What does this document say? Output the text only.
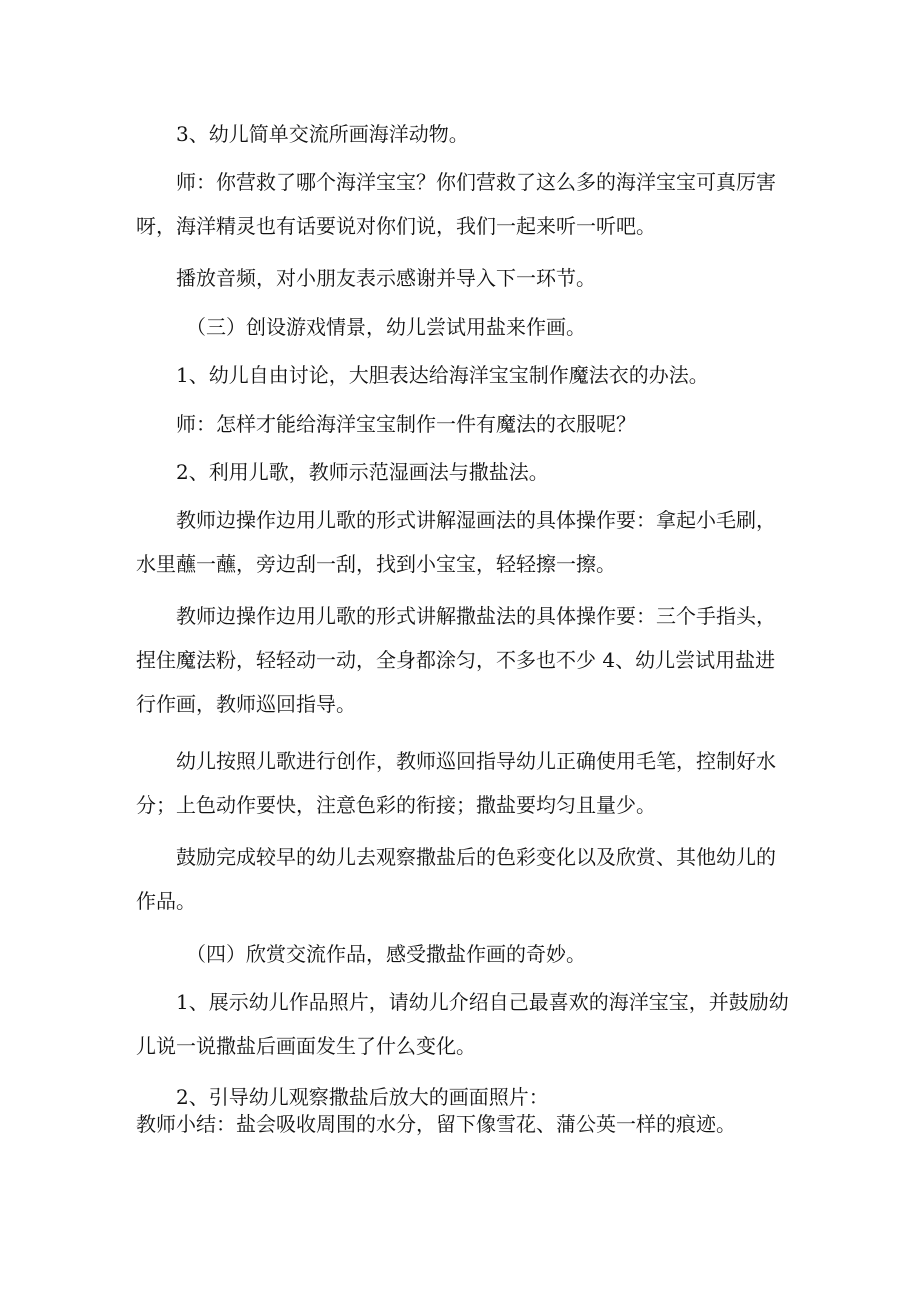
3、幼儿简单交流所画海洋动物。

师：你营救了哪个海洋宝宝？你们营救了这么多的海洋宝宝可真厉害呀，海洋精灵也有话要说对你们说，我们一起来听一听吧。

播放音频，对小朋友表示感谢并导入下一环节。

（三）创设游戏情景，幼儿尝试用盐来作画。

1、幼儿自由讨论，大胆表达给海洋宝宝制作魔法衣的办法。

师：怎样才能给海洋宝宝制作一件有魔法的衣服呢？

2、利用儿歌，教师示范湿画法与撒盐法。

教师边操作边用儿歌的形式讲解湿画法的具体操作要：拿起小毛刷，水里蘸一蘸，旁边刮一刮，找到小宝宝，轻轻擦一擦。

教师边操作边用儿歌的形式讲解撒盐法的具体操作要：三个手指头，捏住魔法粉，轻轻动一动，全身都涂匀，不多也不少 4、幼儿尝试用盐进行作画，教师巡回指导。

幼儿按照儿歌进行创作，教师巡回指导幼儿正确使用毛笔，控制好水分；上色动作要快，注意色彩的衔接；撒盐要均匀且量少。

鼓励完成较早的幼儿去观察撒盐后的色彩变化以及欣赏、其他幼儿的作品。

（四）欣赏交流作品，感受撒盐作画的奇妙。

1、展示幼儿作品照片，请幼儿介绍自己最喜欢的海洋宝宝，并鼓励幼儿说一说撒盐后画面发生了什么变化。

2、引导幼儿观察撒盐后放大的画面照片：

教师小结：盐会吸收周围的水分，留下像雪花、蒲公英一样的痕迹。
